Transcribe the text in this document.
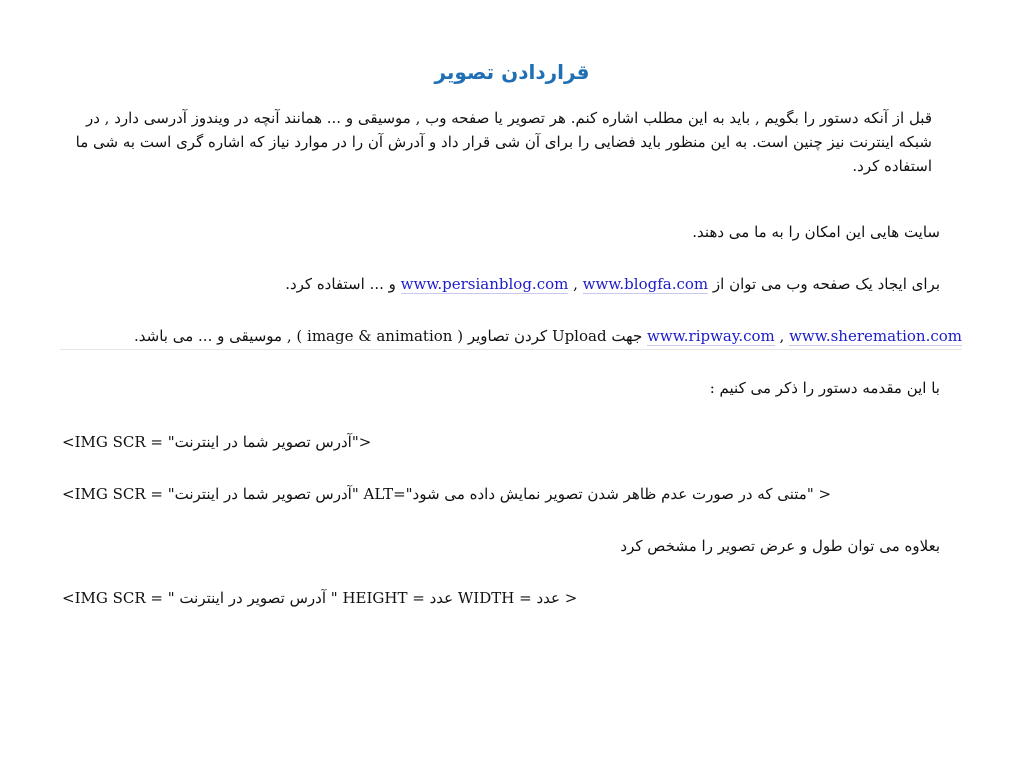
قراردادن تصویر
قبل از آنکه دستور را بگویم , باید به این مطلب اشاره کنم. هر تصویر یا صفحه وب , موسیقی و ... همانند آنچه در ویندوز آدرسی دارد , در شبکه اینترنت نیز چنین است. به این منظور باید فضایی را برای آن شی قرار داد و آدرش آن را در موارد نیاز که اشاره گری است به شی ما استفاده کرد.
سایت هایی این امکان را به ما می دهند.
برای ایجاد یک صفحه وب می توان از www.blogfa.com , www.persianblog.com و ... استفاده کرد.
www.sheremation.com , www.ripway.com جهت Upload کردن تصاویر ( image & animation ) , موسیقی و ... می باشد.
با این مقدمه دستور را ذکر می کنیم :
<IMG SCR = "آدرس تصویر شما در اینترنت">
<IMG SCR = "آدرس تصویر شما در اینترنت" ALT="متنی که در صورت عدم ظاهر شدن تصویر نمایش داده می شود" >
بعلاوه می توان طول و عرض تصویر را مشخص کرد
<IMG SCR = " آدرس تصویر در اینترنت " HEIGHT = عدد WIDTH = عدد >
